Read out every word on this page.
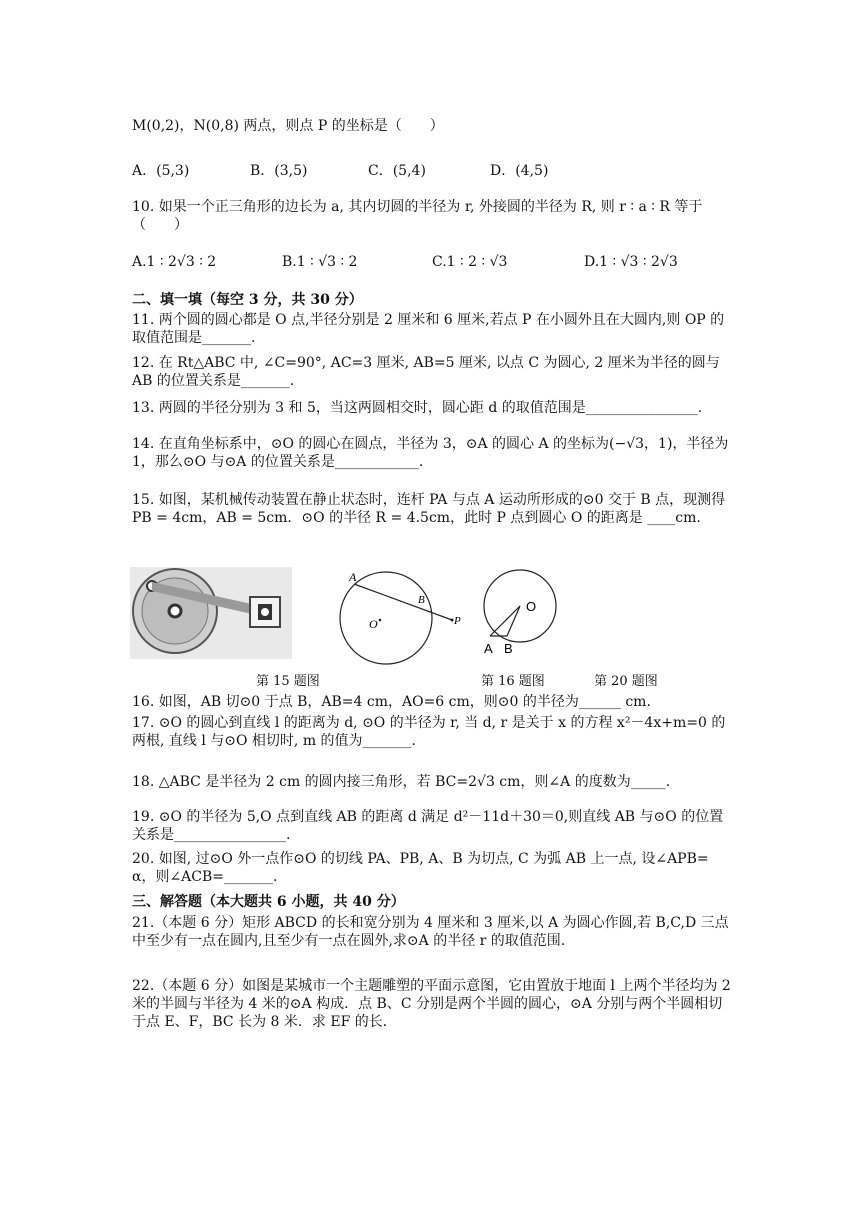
M(0,2)，N(0,8) 两点，则点 P 的坐标是（　　）
A．(5,3)	B．(3,5)	C．(5,4)	D．(4,5)
10. 如果一个正三角形的边长为 a, 其内切圆的半径为 r, 外接圆的半径为 R, 则 r ∶ a ∶ R 等于（　　）
A.1 ∶ 2√3 ∶ 2	B.1 ∶ √3 ∶ 2	C.1 ∶ 2 ∶ √3	D.1 ∶ √3 ∶ 2√3
二、填一填（每空 3 分，共 30 分）
11. 两个圆的圆心都是 O 点,半径分别是 2 厘米和 6 厘米,若点 P 在小圆外且在大圆内,则 OP 的取值范围是_______.
12. 在 Rt△ABC 中, ∠C=90°, AC=3 厘米, AB=5 厘米, 以点 C 为圆心, 2 厘米为半径的圆与 AB 的位置关系是_______.
13. 两圆的半径分别为 3 和 5，当这两圆相交时，圆心距 d 的取值范围是________________.
14. 在直角坐标系中，⊙O 的圆心在圆点，半径为 3，⊙A 的圆心 A 的坐标为(−√3，1)，半径为 1，那么⊙O 与⊙A 的位置关系是____________.
15. 如图，某机械传动装置在静止状态时，连杆 PA 与点 A 运动所形成的⊙0 交于 B 点，现测得 PB = 4cm，AB = 5cm．⊙O 的半径 R = 4.5cm，此时 P 点到圆心 O 的距离是 ____cm.
A
B
O	P
O
A B
第 15 题图	第 16 题图	第 20 题图
16. 如图，AB 切⊙0 于点 B，AB=4 cm，AO=6 cm，则⊙0 的半径为______ cm.
17. ⊙O 的圆心到直线 l 的距离为 d, ⊙O 的半径为 r, 当 d, r 是关于 x 的方程 x²－4x+m=0 的两根, 直线 l 与⊙O 相切时, m 的值为_______.
18. △ABC 是半径为 2 cm 的圆内接三角形，若 BC=2√3 cm，则∠A 的度数为_____.
19. ⊙O 的半径为 5,O 点到直线 AB 的距离 d 满足 d²－11d＋30＝0,则直线 AB 与⊙O 的位置关系是________________.
20. 如图, 过⊙O 外一点作⊙O 的切线 PA、PB, A、B 为切点, C 为弧 AB 上一点, 设∠APB= α，则∠ACB=_______.
三、解答题（本大题共 6 小题，共 40 分）
21.（本题 6 分）矩形 ABCD 的长和宽分别为 4 厘米和 3 厘米,以 A 为圆心作圆,若 B,C,D 三点中至少有一点在圆内,且至少有一点在圆外,求⊙A 的半径 r 的取值范围.
22.（本题 6 分）如图是某城市一个主题雕塑的平面示意图，它由置放于地面 l 上两个半径均为 2 米的半圆与半径为 4 米的⊙A 构成．点 B、C 分别是两个半圆的圆心，⊙A 分别与两个半圆相切于点 E、F，BC 长为 8 米．求 EF 的长．
